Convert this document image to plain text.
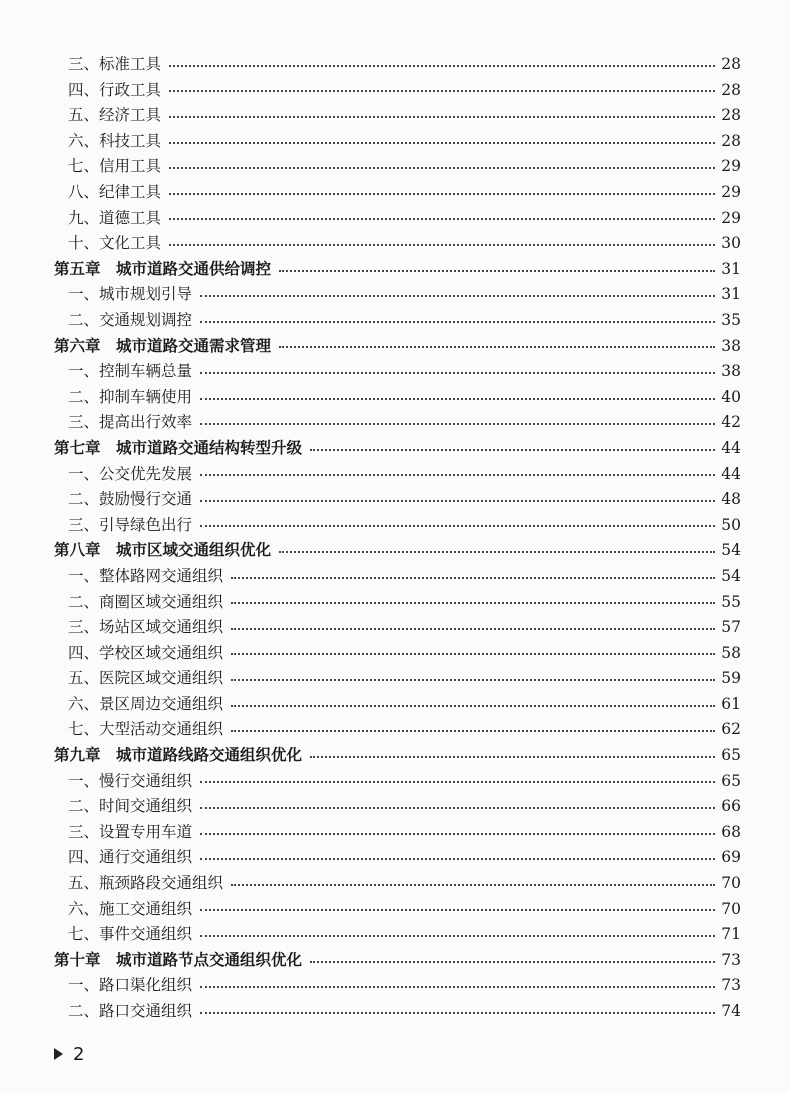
三、标准工具	28
四、行政工具	28
五、经济工具	28
六、科技工具	28
七、信用工具	29
八、纪律工具	29
九、道德工具	29
十、文化工具	30
第五章　城市道路交通供给调控	31
一、城市规划引导	31
二、交通规划调控	35
第六章　城市道路交通需求管理	38
一、控制车辆总量	38
二、抑制车辆使用	40
三、提高出行效率	42
第七章　城市道路交通结构转型升级	44
一、公交优先发展	44
二、鼓励慢行交通	48
三、引导绿色出行	50
第八章　城市区域交通组织优化	54
一、整体路网交通组织	54
二、商圈区域交通组织	55
三、场站区域交通组织	57
四、学校区域交通组织	58
五、医院区域交通组织	59
六、景区周边交通组织	61
七、大型活动交通组织	62
第九章　城市道路线路交通组织优化	65
一、慢行交通组织	65
二、时间交通组织	66
三、设置专用车道	68
四、通行交通组织	69
五、瓶颈路段交通组织	70
六、施工交通组织	70
七、事件交通组织	71
第十章　城市道路节点交通组织优化	73
一、路口渠化组织	73
二、路口交通组织	74
2
